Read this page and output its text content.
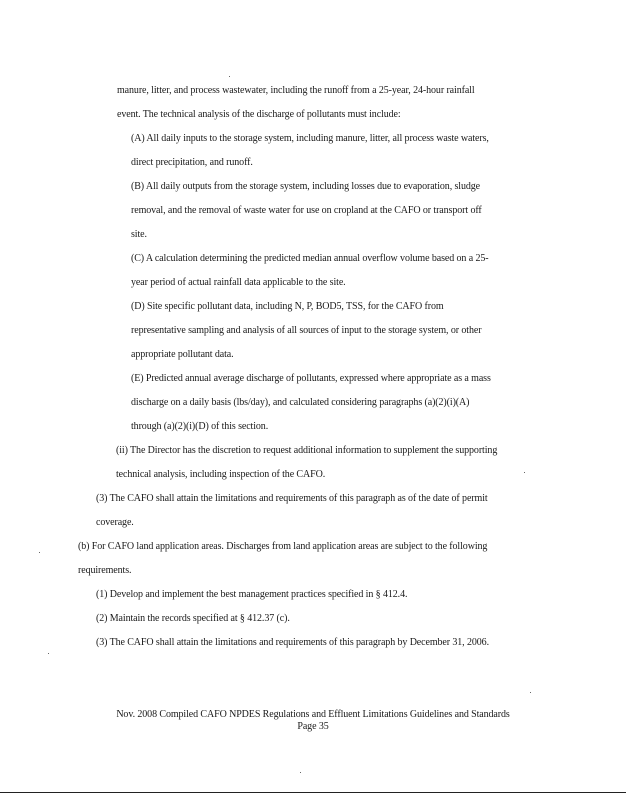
manure, litter, and process wastewater, including the runoff from a 25-year, 24-hour rainfall
event. The technical analysis of the discharge of pollutants must include:
(A) All daily inputs to the storage system, including manure, litter, all process waste waters,
direct precipitation, and runoff.
(B) All daily outputs from the storage system, including losses due to evaporation, sludge
removal, and the removal of waste water for use on cropland at the CAFO or transport off
site.
(C) A calculation determining the predicted median annual overflow volume based on a 25-
year period of actual rainfall data applicable to the site.
(D) Site specific pollutant data, including N, P, BOD5, TSS, for the CAFO from
representative sampling and analysis of all sources of input to the storage system, or other
appropriate pollutant data.
(E) Predicted annual average discharge of pollutants, expressed where appropriate as a mass
discharge on a daily basis (lbs/day), and calculated considering paragraphs (a)(2)(i)(A)
through (a)(2)(i)(D) of this section.
(ii) The Director has the discretion to request additional information to supplement the supporting
technical analysis, including inspection of the CAFO.
(3) The CAFO shall attain the limitations and requirements of this paragraph as of the date of permit
coverage.
(b) For CAFO land application areas. Discharges from land application areas are subject to the following
requirements.
(1) Develop and implement the best management practices specified in § 412.4.
(2) Maintain the records specified at § 412.37 (c).
(3) The CAFO shall attain the limitations and requirements of this paragraph by December 31, 2006.
Nov. 2008 Compiled CAFO NPDES Regulations and Effluent Limitations Guidelines and Standards
Page 35
